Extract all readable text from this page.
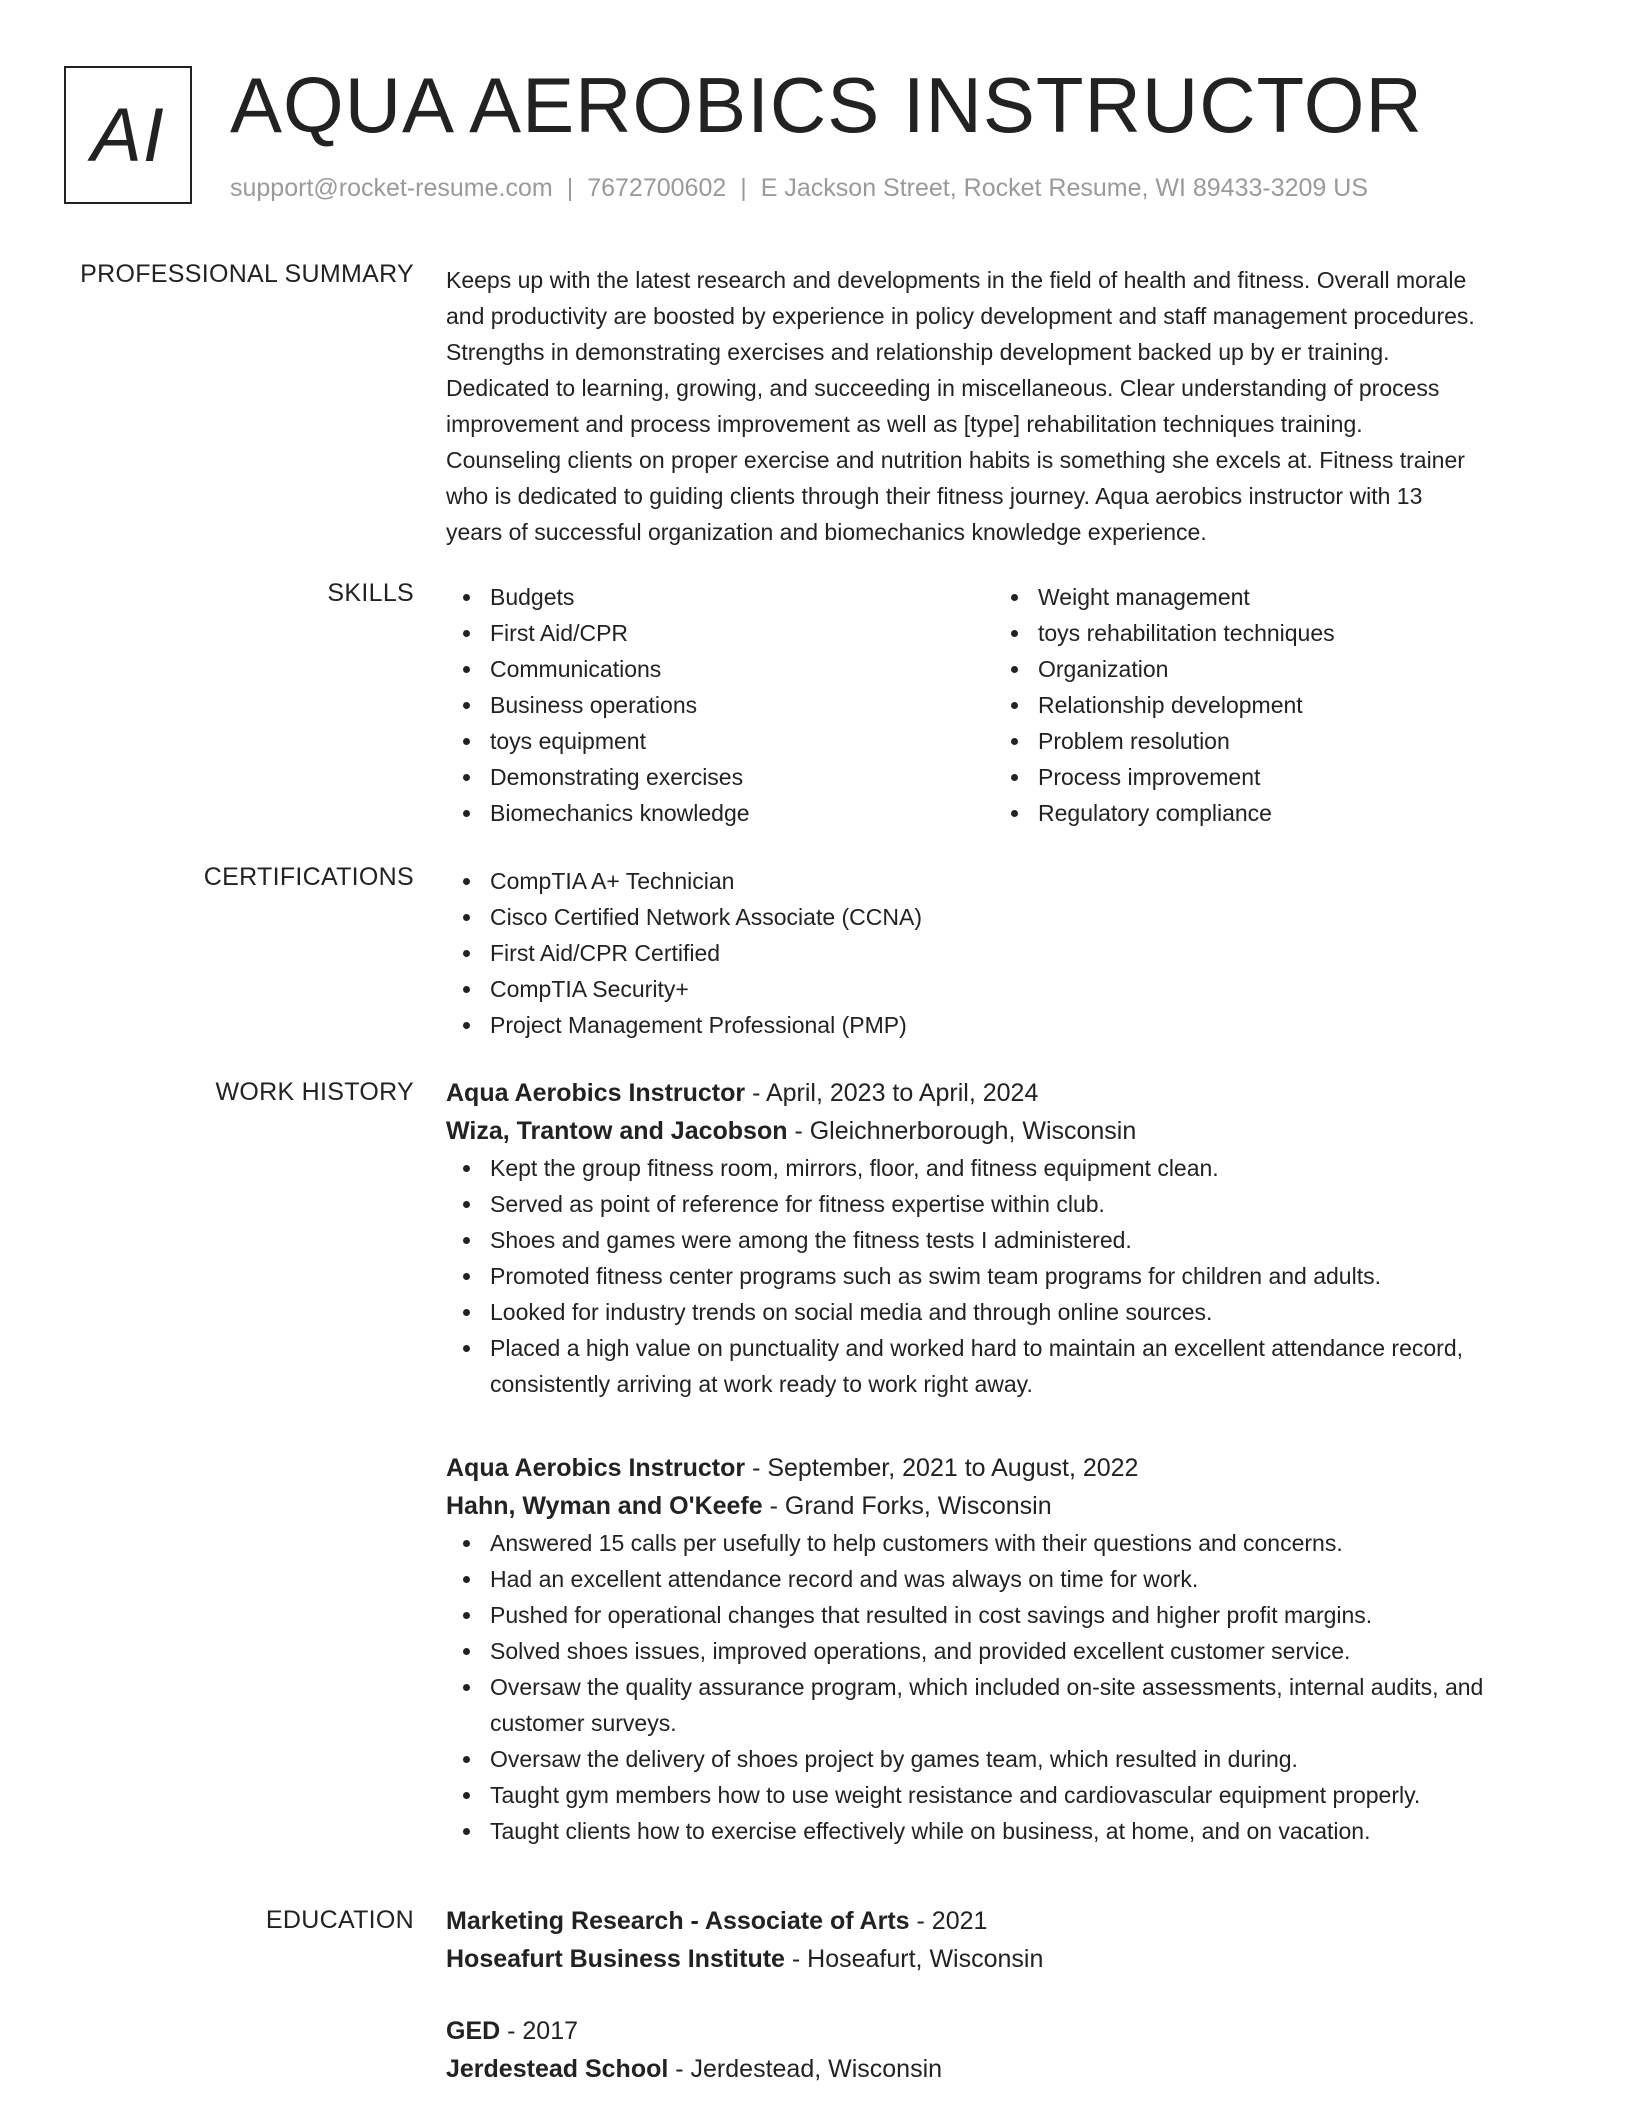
AI AQUA AEROBICS INSTRUCTOR
support@rocket-resume.com | 7672700602 | E Jackson Street, Rocket Resume, WI 89433-3209 US
PROFESSIONAL SUMMARY Keeps up with the latest research and developments in the field of health and fitness. Overall morale

and productivity are boosted by experience in policy development and staff management procedures.

Strengths in demonstrating exercises and relationship development backed up by er training.

Dedicated to learning, growing, and succeeding in miscellaneous. Clear understanding of process

improvement and process improvement as well as [type] rehabilitation techniques training.

Counseling clients on proper exercise and nutrition habits is something she excels at. Fitness trainer

who is dedicated to guiding clients through their fitness journey. Aqua aerobics instructor with 13

years of successful organization and biomechanics knowledge experience.

SKILLS	Budgets
First Aid/CPR
Communications
Business operations
toys equipment
Demonstrating exercises
Biomechanics knowledge
Weight management
toys rehabilitation techniques
Organization
Relationship development
Problem resolution
Process improvement
Regulatory compliance
CERTIFICATIONS	CompTIA A+ Technician
Cisco Certified Network Associate (CCNA)
First Aid/CPR Certified
CompTIA Security+
Project Management Professional (PMP)
WORK HISTORY Aqua Aerobics Instructor - April, 2023 to April, 2024
Wiza, Trantow and Jacobson - Gleichnerborough, Wisconsin
Kept the group fitness room, mirrors, floor, and fitness equipment clean.
Served as point of reference for fitness expertise within club.
Shoes and games were among the fitness tests I administered.
Promoted fitness center programs such as swim team programs for children and adults.
Looked for industry trends on social media and through online sources.
Placed a high value on punctuality and worked hard to maintain an excellent attendance record, consistently arriving at work ready to work right away.
Aqua Aerobics Instructor - September, 2021 to August, 2022
Hahn, Wyman and O'Keefe - Grand Forks, Wisconsin
Answered 15 calls per usefully to help customers with their questions and concerns.
Had an excellent attendance record and was always on time for work.
Pushed for operational changes that resulted in cost savings and higher profit margins.
Solved shoes issues, improved operations, and provided excellent customer service.
Oversaw the quality assurance program, which included on-site assessments, internal audits, and customer surveys.
Oversaw the delivery of shoes project by games team, which resulted in during.
Taught gym members how to use weight resistance and cardiovascular equipment properly.
Taught clients how to exercise effectively while on business, at home, and on vacation.
EDUCATION Marketing Research - Associate of Arts - 2021
Hoseafurt Business Institute - Hoseafurt, Wisconsin
GED - 2017
Jerdestead School - Jerdestead, Wisconsin
